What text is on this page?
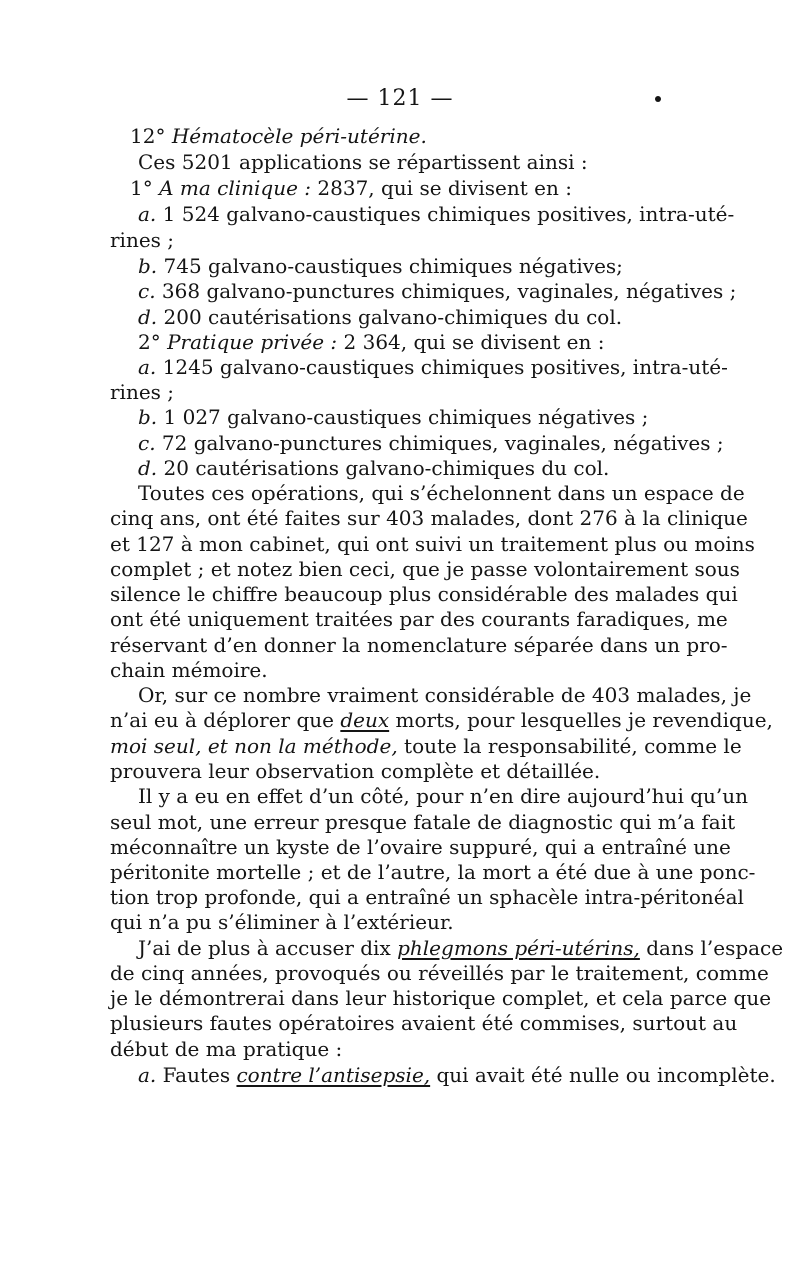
— 121 —
12° Hématocèle péri-utérine.
Ces 5201 applications se répartissent ainsi :
1° A ma clinique : 2837, qui se divisent en :
a. 1 524 galvano-caustiques chimiques positives, intra-uté-
rines ;
b. 745 galvano-caustiques chimiques négatives;
c. 368 galvano-punctures chimiques, vaginales, négatives ;
d. 200 cautérisations galvano-chimiques du col.
2° Pratique privée : 2 364, qui se divisent en :
a. 1245 galvano-caustiques chimiques positives, intra-uté-
rines ;
b. 1 027 galvano-caustiques chimiques négatives ;
c. 72 galvano-punctures chimiques, vaginales, négatives ;
d. 20 cautérisations galvano-chimiques du col.
Toutes ces opérations, qui s’échelonnent dans un espace de
cinq ans, ont été faites sur 403 malades, dont 276 à la clinique
et 127 à mon cabinet, qui ont suivi un traitement plus ou moins
complet ; et notez bien ceci, que je passe volontairement sous
silence le chiffre beaucoup plus considérable des malades qui
ont été uniquement traitées par des courants faradiques, me
réservant d’en donner la nomenclature séparée dans un pro-
chain mémoire.
Or, sur ce nombre vraiment considérable de 403 malades, je
n’ai eu à déplorer que deux morts, pour lesquelles je revendique,
moi seul, et non la méthode, toute la responsabilité, comme le
prouvera leur observation complète et détaillée.
Il y a eu en effet d’un côté, pour n’en dire aujourd’hui qu’un
seul mot, une erreur presque fatale de diagnostic qui m’a fait
méconnaître un kyste de l’ovaire suppuré, qui a entraîné une
péritonite mortelle ; et de l’autre, la mort a été due à une ponc-
tion trop profonde, qui a entraîné un sphacèle intra-péritonéal
qui n’a pu s’éliminer à l’extérieur.
J’ai de plus à accuser dix phlegmons péri-utérins, dans l’espace
de cinq années, provoqués ou réveillés par le traitement, comme
je le démontrerai dans leur historique complet, et cela parce que
plusieurs fautes opératoires avaient été commises, surtout au
début de ma pratique :
a. Fautes contre l’antisepsie, qui avait été nulle ou incomplète.
